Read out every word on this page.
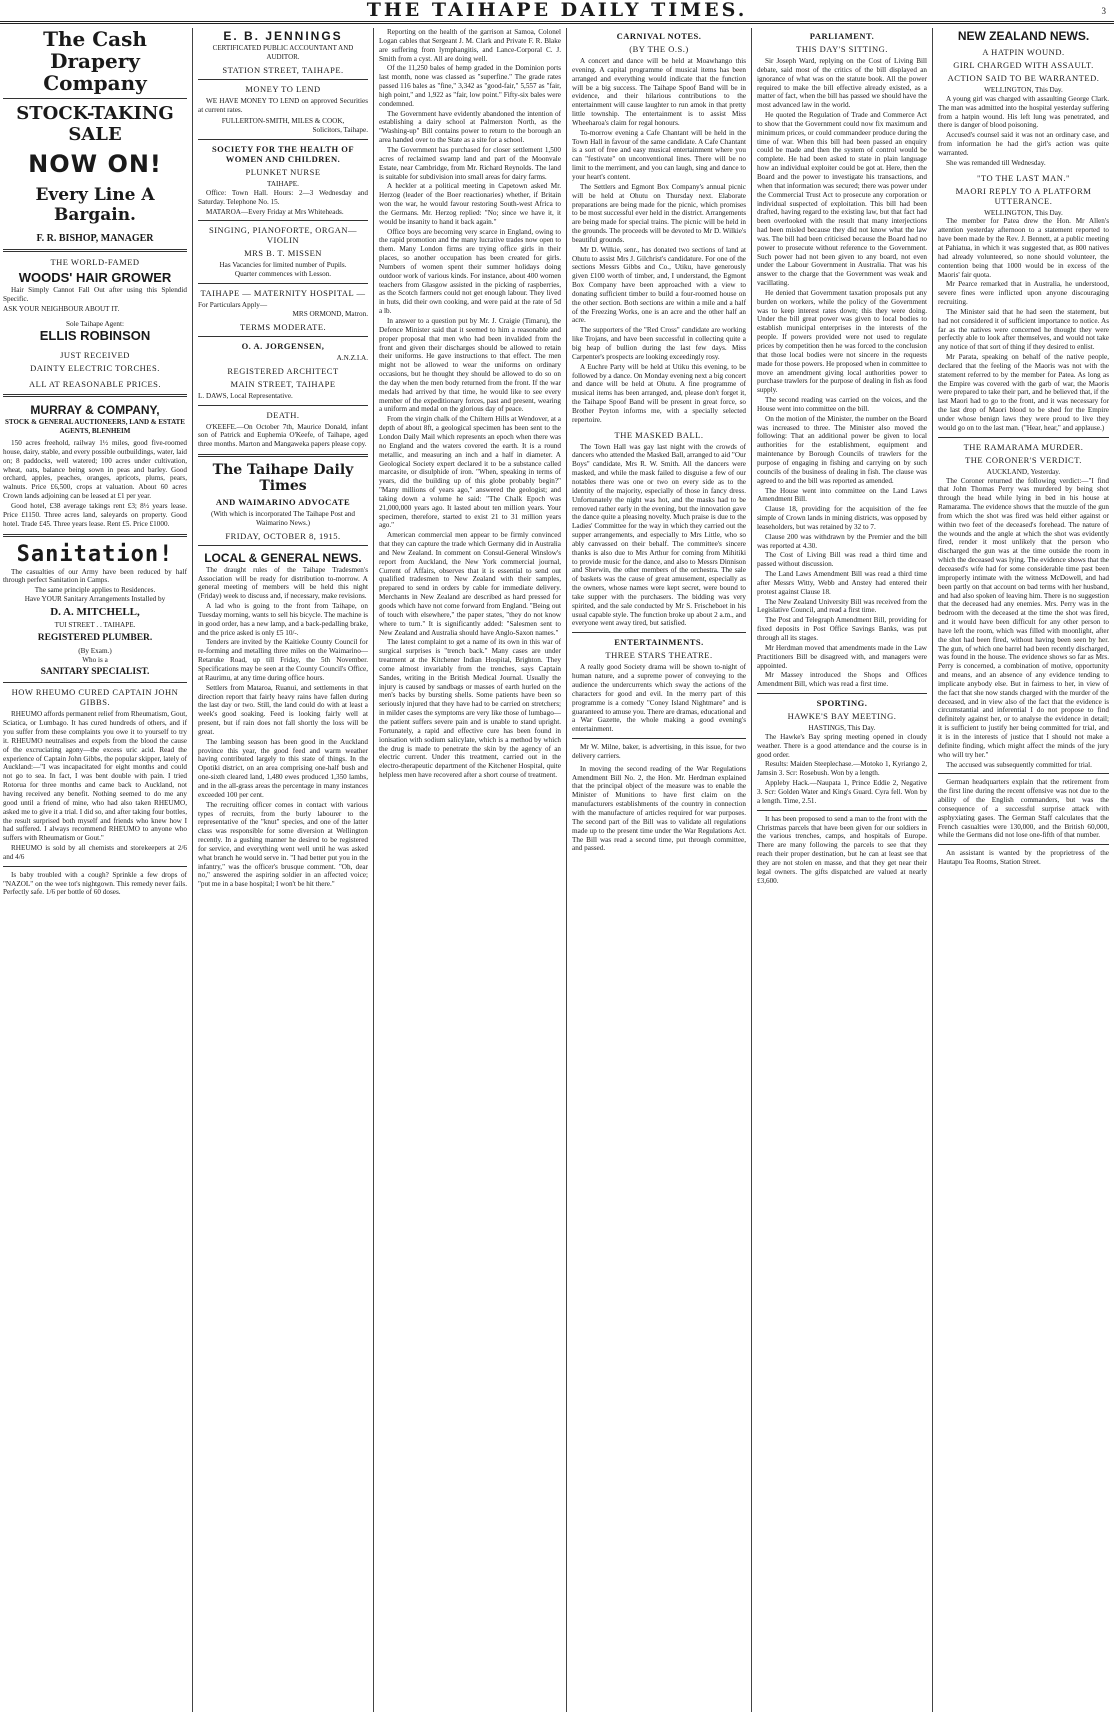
THE TAIHAPE DAILY TIMES.	3
The Cash Drapery Company
STOCK-TAKING SALE
NOW ON!
Every Line A Bargain.
F. R. BISHOP, MANAGER
THE WORLD-FAMED
WOODS' HAIR GROWER
Hair Simply Cannot Fall Out after using this Splendid Specific.
ASK YOUR NEIGHBOUR ABOUT IT.
Sole Taihape Agent:
ELLIS ROBINSON
JUST RECEIVED
DAINTY ELECTRIC TORCHES.
ALL AT REASONABLE PRICES.
MURRAY & COMPANY,
STOCK & GENERAL AUCTIONEERS, LAND & ESTATE AGENTS, BLENHEIM
150 acres freehold, railway 1½ miles, good five-roomed house, dairy, stable, and every possible outbuildings, water, laid on; 8 paddocks, well watered; 100 acres under cultivation, wheat, oats, balance being sown in peas and barley. Good orchard, apples, peaches, oranges, apricots, plums, pears, walnuts. Price £6,500, crops at valuation. About 60 acres Crown lands adjoining can be leased at £1 per year.
Good hotel, £38 average takings rent £3; 8½ years lease. Price £1150. Three acres land, saleyards on property. Good hotel. Trade £45. Three years lease. Rent £5. Price £1000.
Sanitation!
The casualties of our Army have been reduced by half through perfect Sanitation in Camps.
The same principle applies to Residences.
Have YOUR Sanitary Arrangements Installed by
D. A. MITCHELL,
TUI STREET . . TAIHAPE.
REGISTERED PLUMBER.
(By Exam.)
Who is a
SANITARY SPECIALIST.
HOW RHEUMO CURED CAPTAIN JOHN GIBBS.
RHEUMO affords permanent relief from Rheumatism, Gout, Sciatica, or Lumbago. It has cured hundreds of others, and if you suffer from these complaints you owe it to yourself to try it. RHEUMO neutralises and expels from the blood the cause of the excruciating agony—the excess uric acid. Read the experience of Captain John Gibbs, the popular skipper, lately of Auckland:—"I was incapacitated for eight months and could not go to sea. In fact, I was bent double with pain. I tried Rotorua for three months and came back to Auckland, not having received any benefit. Nothing seemed to do me any good until a friend of mine, who had also taken RHEUMO, asked me to give it a trial. I did so, and after taking four bottles, the result surprised both myself and friends who knew how I had suffered. I always recommend RHEUMO to anyone who suffers with Rheumatism or Gout."
RHEUMO is sold by all chemists and storekeepers at 2/6 and 4/6
Is baby troubled with a cough? Sprinkle a few drops of "NAZOL" on the wee tot's nightgown. This remedy never fails. Perfectly safe. 1/6 per bottle of 60 doses.
E. B. JENNINGS
CERTIFICATED PUBLIC ACCOUNTANT AND AUDITOR.
STATION STREET, TAIHAPE.
MONEY TO LEND
WE HAVE MONEY TO LEND on approved Securities at current rates.
FULLERTON-SMITH, MILES & COOK,
Solicitors, Taihape.
SOCIETY FOR THE HEALTH OF WOMEN AND CHILDREN.
PLUNKET NURSE
TAIHAPE.
Office: Town Hall. Hours: 2—3 Wednesday and Saturday. Telephone No. 15.
MATAROA—Every Friday at Mrs Whiteheads.
SINGING, PIANOFORTE, ORGAN—VIOLIN
MRS B. T. MISSEN
Has Vacancies for limited number of Pupils.
Quarter commences with Lesson.
TAIHAPE — MATERNITY HOSPITAL —
For Particulars Apply—
MRS ORMOND, Matron.
TERMS MODERATE.
O. A. JORGENSEN,
A.N.Z.I.A.
REGISTERED ARCHITECT
MAIN STREET, TAIHAPE
L. DAWS, Local Representative.
DEATH.
O'KEEFE.—On October 7th, Maurice Donald, infant son of Patrick and Euphemia O'Keefe, of Taihape, aged three months. Marton and Mangaweka papers please copy.
The Taihape Daily Times
AND WAIMARINO ADVOCATE
(With which is incorporated The Taihape Post and Waimarino News.)
FRIDAY, OCTOBER 8, 1915.
LOCAL & GENERAL NEWS.
The draught rules of the Taihape Tradesmen's Association will be ready for distribution to-morrow. A general meeting of members will be held this night (Friday) week to discuss and, if necessary, make revisions.
A lad who is going to the front from Taihape, on Tuesday morning, wants to sell his bicycle. The machine is in good order, has a new lamp, and a back-pedalling brake, and the price asked is only £5 10/-.
Tenders are invited by the Kaitieke County Council for re-forming and metalling three miles on the Waimarino—Retaruke Road, up till Friday, the 5th November. Specifications may be seen at the County Council's Office, at Raurimu, at any time during office hours.
Settlers from Mataroa, Ruanui, and settlements in that direction report that fairly heavy rains have fallen during the last day or two. Still, the land could do with at least a week's good soaking. Feed is looking fairly well at present, but if rain does not fall shortly the loss will be great.
The lambing season has been good in the Auckland province this year, the good feed and warm weather having contributed largely to this state of things. In the Opotiki district, on an area comprising one-half bush and one-sixth cleared land, 1,480 ewes produced 1,350 lambs, and in the all-grass areas the percentage in many instances exceeded 100 per cent.
The recruiting officer comes in contact with various types of recruits, from the burly labourer to the representative of the "knut" species, and one of the latter class was responsible for some diversion at Wellington recently. In a gushing manner he desired to be registered for service, and everything went well until he was asked what branch he would serve in. "I had better put you in the infantry," was the officer's brusque comment. "Oh, dear no," answered the aspiring soldier in an affected voice; "put me in a base hospital; I won't be hit there."
Reporting on the health of the garrison at Samoa, Colonel Logan cables that Sergeant J. M. Clark and Private F. R. Blake are suffering from lymphangitis, and Lance-Corporal C. J. Smith from a cyst. All are doing well.
Of the 11,250 bales of hemp graded in the Dominion ports last month, none was classed as "superfine." The grade rates passed 116 bales as "fine," 3,342 as "good-fair," 5,557 as "fair, high point," and 1,922 as "fair, low point." Fifty-six bales were condemned.
The Government have evidently abandoned the intention of establishing a dairy school at Palmerston North, as the "Washing-up" Bill contains power to return to the borough an area handed over to the State as a site for a school.
The Government has purchased for closer settlement 1,500 acres of reclaimed swamp land and part of the Moonvale Estate, near Cambridge, from Mr. Richard Reynolds. The land is suitable for subdivision into small areas for dairy farms.
A heckler at a political meeting in Capetown asked Mr. Herzog (leader of the Boer reactionaries) whether, if Britain won the war, he would favour restoring South-west Africa to the Germans. Mr. Herzog replied: "No; since we have it, it would be insanity to hand it back again."
Office boys are becoming very scarce in England, owing to the rapid promotion and the many lucrative trades now open to them. Many London firms are trying office girls in their places, so another occupation has been created for girls. Numbers of women spent their summer holidays doing outdoor work of various kinds. For instance, about 400 women teachers from Glasgow assisted in the picking of raspberries, as the Scotch farmers could not get enough labour. They lived in huts, did their own cooking, and were paid at the rate of 5d a lb.
In answer to a question put by Mr. J. Craigie (Timaru), the Defence Minister said that it seemed to him a reasonable and proper proposal that men who had been invalided from the front and given their discharges should be allowed to retain their uniforms. He gave instructions to that effect. The men might not be allowed to wear the uniforms on ordinary occasions, but he thought they should be allowed to do so on the day when the men body returned from the front. If the war medals had arrived by that time, he would like to see every member of the expeditionary forces, past and present, wearing a uniform and medal on the glorious day of peace.
From the virgin chalk of the Chiltern Hills at Wendover, at a depth of about 8ft, a geological specimen has been sent to the London Daily Mail which represents an epoch when there was no England and the waters covered the earth. It is a round metallic, and measuring an inch and a half in diameter. A Geological Society expert declared it to be a substance called marcasite, or disulphide of iron. "When, speaking in terms of years, did the building up of this globe probably begin?" "Many millions of years ago," answered the geologist; and taking down a volume he said: "The Chalk Epoch was 21,000,000 years ago. It lasted about ten million years. Your specimen, therefore, started to exist 21 to 31 million years ago."
American commercial men appear to be firmly convinced that they can capture the trade which Germany did in Australia and New Zealand. In comment on Consul-General Winslow's report from Auckland, the New York commercial journal, Current of Affairs, observes that it is essential to send out qualified tradesmen to New Zealand with their samples, prepared to send in orders by cable for immediate delivery. Merchants in New Zealand are described as hard pressed for goods which have not come forward from England. "Being out of touch with elsewhere," the paper states, "they do not know where to turn." It is significantly added: "Salesmen sent to New Zealand and Australia should have Anglo-Saxon names."
The latest complaint to get a name of its own in this war of surgical surprises is "trench back." Many cases are under treatment at the Kitchener Indian Hospital, Brighton. They come almost invariably from the trenches, says Captain Sandes, writing in the British Medical Journal. Usually the injury is caused by sandbags or masses of earth hurled on the men's backs by bursting shells. Some patients have been so seriously injured that they have had to be carried on stretchers; in milder cases the symptoms are very like those of lumbago—the patient suffers severe pain and is unable to stand upright. Fortunately, a rapid and effective cure has been found in ionisation with sodium salicylate, which is a method by which the drug is made to penetrate the skin by the agency of an electric current. Under this treatment, carried out in the electro-therapeutic department of the Kitchener Hospital, quite helpless men have recovered after a short course of treatment.
CARNIVAL NOTES.
(BY THE O.S.)
A concert and dance will be held at Moawhango this evening. A capital programme of musical items has been arranged and everything would indicate that the function will be a big success. The Taihape Spoof Band will be in evidence, and their hilarious contributions to the entertainment will cause laughter to run amok in that pretty little township. The entertainment is to assist Miss Wheeharoa's claim for regal honours.
To-morrow evening a Cafe Chantant will be held in the Town Hall in favour of the same candidate. A Cafe Chantant is a sort of free and easy musical entertainment where you can "festivate" on unconventional lines. There will be no limit to the merriment, and you can laugh, sing and dance to your heart's content.
The Settlers and Egmont Box Company's annual picnic will be held at Ohutu on Thursday next. Elaborate preparations are being made for the picnic, which promises to be most successful ever held in the district. Arrangements are being made for special trains. The picnic will be held in the grounds. The proceeds will be devoted to Mr D. Wilkie's beautiful grounds.
Mr D. Wilkie, senr., has donated two sections of land at Ohutu to assist Mrs J. Gilchrist's candidature. For one of the sections Messrs Gibbs and Co., Utiku, have generously given £100 worth of timber, and, I understand, the Egmont Box Company have been approached with a view to donating sufficient timber to build a four-roomed house on the other section. Both sections are within a mile and a half of the Freezing Works, one is an acre and the other half an acre.
The supporters of the "Red Cross" candidate are working like Trojans, and have been successful in collecting quite a big heap of bullion during the last few days. Miss Carpenter's prospects are looking exceedingly rosy.
A Euchre Party will be held at Utiku this evening, to be followed by a dance. On Monday evening next a big concert and dance will be held at Ohutu. A fine programme of musical items has been arranged, and, please don't forget it, the Taihape Spoof Band will be present in great force, so Brother Peyton informs me, with a specially selected repertoire.
THE MASKED BALL.
The Town Hall was gay last night with the crowds of dancers who attended the Masked Ball, arranged to aid "Our Boys" candidate, Mrs R. W. Smith. All the dancers were masked, and while the mask failed to disguise a few of our notables there was one or two on every side as to the identity of the majority, especially of those in fancy dress. Unfortunately the night was hot, and the masks had to be removed rather early in the evening, but the innovation gave the dance quite a pleasing novelty. Much praise is due to the Ladies' Committee for the way in which they carried out the supper arrangements, and especially to Mrs Little, who so ably canvassed on their behalf. The committee's sincere thanks is also due to Mrs Arthur for coming from Mihitiki to provide music for the dance, and also to Messrs Dinnison and Sherwin, the other members of the orchestra. The sale of baskets was the cause of great amusement, especially as the owners, whose names were kept secret, were bound to take supper with the purchasers. The bidding was very spirited, and the sale conducted by Mr S. Frischeboet in his usual capable style. The function broke up about 2 a.m., and everyone went away tired, but satisfied.
ENTERTAINMENTS.
THREE STARS THEATRE.
A really good Society drama will be shown to-night of human nature, and a supreme power of conveying to the audience the undercurrents which sway the actions of the characters for good and evil. In the merry part of this programme is a comedy "Coney Island Nightmare" and is guaranteed to amuse you. There are dramas, educational and a War Gazette, the whole making a good evening's entertainment.
Mr W. Milne, baker, is advertising, in this issue, for two delivery carriers.
In moving the second reading of the War Regulations Amendment Bill No. 2, the Hon. Mr. Herdman explained that the principal object of the measure was to enable the Minister of Munitions to have first claim on the manufacturers establishments of the country in connection with the manufacture of articles required for war purposes. The second part of the Bill was to validate all regulations made up to the present time under the War Regulations Act. The Bill was read a second time, put through committee, and passed.
PARLIAMENT.
THIS DAY'S SITTING.
Sir Joseph Ward, replying on the Cost of Living Bill debate, said most of the critics of the bill displayed an ignorance of what was on the statute book. All the power required to make the bill effective already existed, as a matter of fact, when the bill has passed we should have the most advanced law in the world.
He quoted the Regulation of Trade and Commerce Act to show that the Government could now fix maximum and minimum prices, or could commandeer produce during the time of war. When this bill had been passed an enquiry could be made and then the system of control would be complete. He had been asked to state in plain language how an individual exploiter could be got at. Here, then the Board and the power to investigate his transactions, and when that information was secured; there was power under the Commercial Trust Act to prosecute any corporation or individual suspected of exploitation. This bill had been drafted, having regard to the existing law, but that fact had been overlooked with the result that many interjections had been misled because they did not know what the law was. The bill had been criticised because the Board had no power to prosecute without reference to the Government. Such power had not been given to any board, not even under the Labour Government in Australia. That was his answer to the charge that the Government was weak and vacillating.
He denied that Government taxation proposals put any burden on workers, while the policy of the Government was to keep interest rates down; this they were doing. Under the bill great power was given to local bodies to establish municipal enterprises in the interests of the people. If powers provided were not used to regulate prices by competition then he was forced to the conclusion that those local bodies were not sincere in the requests made for those powers. He proposed when in committee to move an amendment giving local authorities power to purchase trawlers for the purpose of dealing in fish as food supply.
The second reading was carried on the voices, and the House went into committee on the bill.
On the motion of the Minister, the number on the Board was increased to three. The Minister also moved the following: That an additional power be given to local authorities for the establishment, equipment and maintenance by Borough Councils of trawlers for the purpose of engaging in fishing and carrying on by such councils of the business of dealing in fish. The clause was agreed to and the bill was reported as amended.
The House went into committee on the Land Laws Amendment Bill.
Clause 18, providing for the acquisition of the fee simple of Crown lands in mining districts, was opposed by leaseholders, but was retained by 32 to 7.
Clause 200 was withdrawn by the Premier and the bill was reported at 4.30.
The Cost of Living Bill was read a third time and passed without discussion.
The Land Laws Amendment Bill was read a third time after Messrs Witty, Webb and Anstey had entered their protest against Clause 18.
The New Zealand University Bill was received from the Legislative Council, and read a first time.
The Post and Telegraph Amendment Bill, providing for fixed deposits in Post Office Savings Banks, was put through all its stages.
Mr Herdman moved that amendments made in the Law Practitioners Bill be disagreed with, and managers were appointed.
Mr Massey introduced the Shops and Offices Amendment Bill, which was read a first time.
SPORTING.
HAWKE'S BAY MEETING.
HASTINGS, This Day.
The Hawke's Bay spring meeting opened in cloudy weather. There is a good attendance and the course is in good order.
Results: Maiden Steeplechase.—Motoko 1, Kyriango 2, Jamsin 3. Scr: Rosebush. Won by a length.
Appleby Hack.—Naupata 1, Prince Eddie 2, Negative 3. Scr: Golden Water and King's Guard. Cyra fell. Won by a length. Time, 2.51.
It has been proposed to send a man to the front with the Christmas parcels that have been given for our soldiers in the various trenches, camps, and hospitals of Europe. There are many following the parcels to see that they reach their proper destination, but he can at least see that they are not stolen en masse, and that they get near their legal owners. The gifts dispatched are valued at nearly £3,600.
NEW ZEALAND NEWS.
A HATPIN WOUND.
GIRL CHARGED WITH ASSAULT.
ACTION SAID TO BE WARRANTED.
WELLINGTON, This Day.
A young girl was charged with assaulting George Clark. The man was admitted into the hospital yesterday suffering from a hatpin wound. His left lung was penetrated, and there is danger of blood poisoning.
Accused's counsel said it was not an ordinary case, and from information he had the girl's action was quite warranted.
She was remanded till Wednesday.
"TO THE LAST MAN."
MAORI REPLY TO A PLATFORM UTTERANCE.
WELLINGTON, This Day.
The member for Patea drew the Hon. Mr Allen's attention yesterday afternoon to a statement reported to have been made by the Rev. J. Bennett, at a public meeting at Pahiatua, in which it was suggested that, as 800 natives had already volunteered, so none should volunteer, the contention being that 1000 would be in excess of the Maoris' fair quota.
Mr Pearce remarked that in Australia, he understood, severe fines were inflicted upon anyone discouraging recruiting.
The Minister said that he had seen the statement, but had not considered it of sufficient importance to notice. As far as the natives were concerned he thought they were perfectly able to look after themselves, and would not take any notice of that sort of thing if they desired to enlist.
Mr Parata, speaking on behalf of the native people, declared that the feeling of the Maoris was not with the statement referred to by the member for Patea. As long as the Empire was covered with the garb of war, the Maoris were prepared to take their part, and he believed that, if the last Maori had to go to the front, and it was necessary for the last drop of Maori blood to be shed for the Empire under whose benign laws they were proud to live they would go on to the last man. ("Hear, hear," and applause.)
THE RAMARAMA MURDER.
THE CORONER'S VERDICT.
AUCKLAND, Yesterday.
The Coroner returned the following verdict:—"I find that John Thomas Perry was murdered by being shot through the head while lying in bed in his house at Ramarama. The evidence shows that the muzzle of the gun from which the shot was fired was held either against or within two feet of the deceased's forehead. The nature of the wounds and the angle at which the shot was evidently fired, render it most unlikely that the person who discharged the gun was at the time outside the room in which the deceased was lying. The evidence shows that the deceased's wife had for some considerable time past been improperly intimate with the witness McDowell, and had been partly on that account on bad terms with her husband, and had also spoken of leaving him. There is no suggestion that the deceased had any enemies. Mrs. Perry was in the bedroom with the deceased at the time the shot was fired, and it would have been difficult for any other person to have left the room, which was filled with moonlight, after the shot had been fired, without having been seen by her. The gun, of which one barrel had been recently discharged, was found in the house. The evidence shows so far as Mrs. Perry is concerned, a combination of motive, opportunity and means, and an absence of any evidence tending to implicate anybody else. But in fairness to her, in view of the fact that she now stands charged with the murder of the deceased, and in view also of the fact that the evidence is circumstantial and inferential I do not propose to find definitely against her, or to analyse the evidence in detail; it is sufficient to justify her being committed for trial, and it is in the interests of justice that I should not make a definite finding, which might affect the minds of the jury who will try her."
The accused was subsequently committed for trial.
German headquarters explain that the retirement from the first line during the recent offensive was not due to the ability of the English commanders, but was the consequence of a successful surprise attack with asphyxiating gases. The German Staff calculates that the French casualties were 130,000, and the British 60,000, while the Germans did not lose one-fifth of that number.
An assistant is wanted by the proprietress of the Hautapu Tea Rooms, Station Street.
